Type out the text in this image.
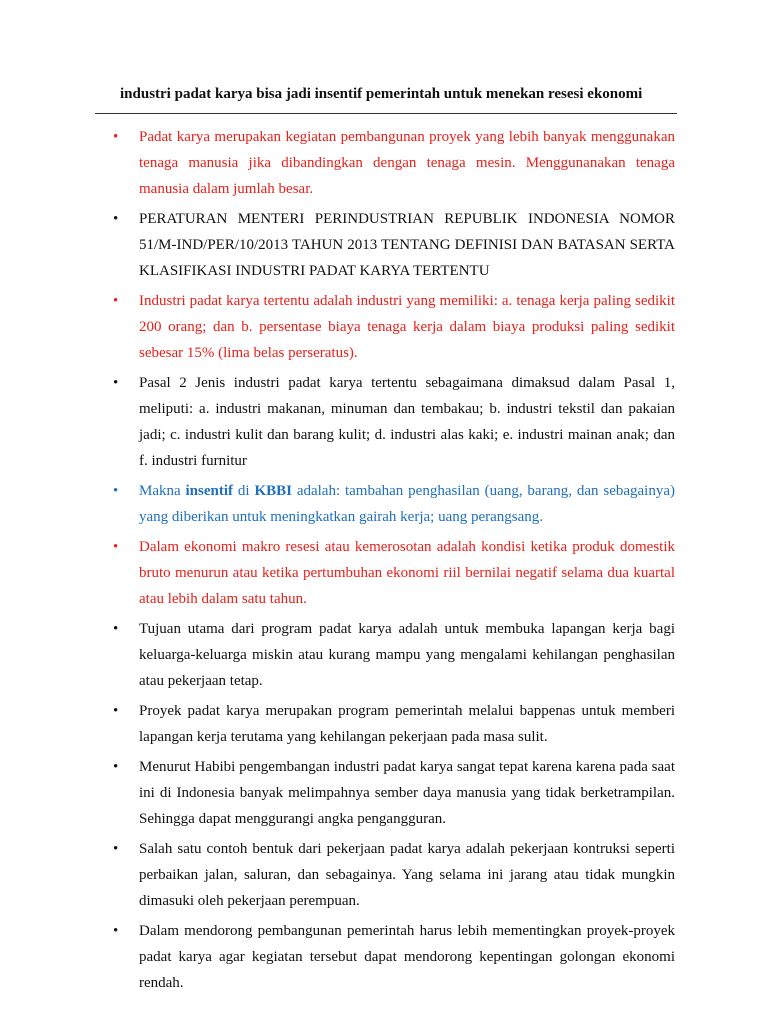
industri padat karya bisa jadi insentif pemerintah untuk menekan resesi ekonomi
• Padat karya merupakan kegiatan pembangunan proyek yang lebih banyak menggunakan tenaga manusia jika dibandingkan dengan tenaga mesin. Menggunanakan tenaga manusia dalam jumlah besar.
• PERATURAN MENTERI PERINDUSTRIAN REPUBLIK INDONESIA NOMOR 51/M-IND/PER/10/2013 TAHUN 2013 TENTANG DEFINISI DAN BATASAN SERTA KLASIFIKASI INDUSTRI PADAT KARYA TERTENTU
• Industri padat karya tertentu adalah industri yang memiliki: a. tenaga kerja paling sedikit 200 orang; dan b. persentase biaya tenaga kerja dalam biaya produksi paling sedikit sebesar 15% (lima belas perseratus).
• Pasal 2 Jenis industri padat karya tertentu sebagaimana dimaksud dalam Pasal 1, meliputi: a. industri makanan, minuman dan tembakau; b. industri tekstil dan pakaian jadi; c. industri kulit dan barang kulit; d. industri alas kaki; e. industri mainan anak; dan f. industri furnitur
• Makna insentif di KBBI adalah: tambahan penghasilan (uang, barang, dan sebagainya) yang diberikan untuk meningkatkan gairah kerja; uang perangsang.
• Dalam ekonomi makro resesi atau kemerosotan adalah kondisi ketika produk domestik bruto menurun atau ketika pertumbuhan ekonomi riil bernilai negatif selama dua kuartal atau lebih dalam satu tahun.
• Tujuan utama dari program padat karya adalah untuk membuka lapangan kerja bagi keluarga-keluarga miskin atau kurang mampu yang mengalami kehilangan penghasilan atau pekerjaan tetap.
• Proyek padat karya merupakan program pemerintah melalui bappenas untuk memberi lapangan kerja terutama yang kehilangan pekerjaan pada masa sulit.
• Menurut Habibi pengembangan industri padat karya sangat tepat karena karena pada saat ini di Indonesia banyak melimpahnya sember daya manusia yang tidak berketrampilan. Sehingga dapat menggurangi angka pengangguran.
• Salah satu contoh bentuk dari pekerjaan padat karya adalah pekerjaan kontruksi seperti perbaikan jalan, saluran, dan sebagainya. Yang selama ini jarang atau tidak mungkin dimasuki oleh pekerjaan perempuan.
• Dalam mendorong pembangunan pemerintah harus lebih mementingkan proyek-proyek padat karya agar kegiatan tersebut dapat mendorong kepentingan golongan ekonomi rendah.
